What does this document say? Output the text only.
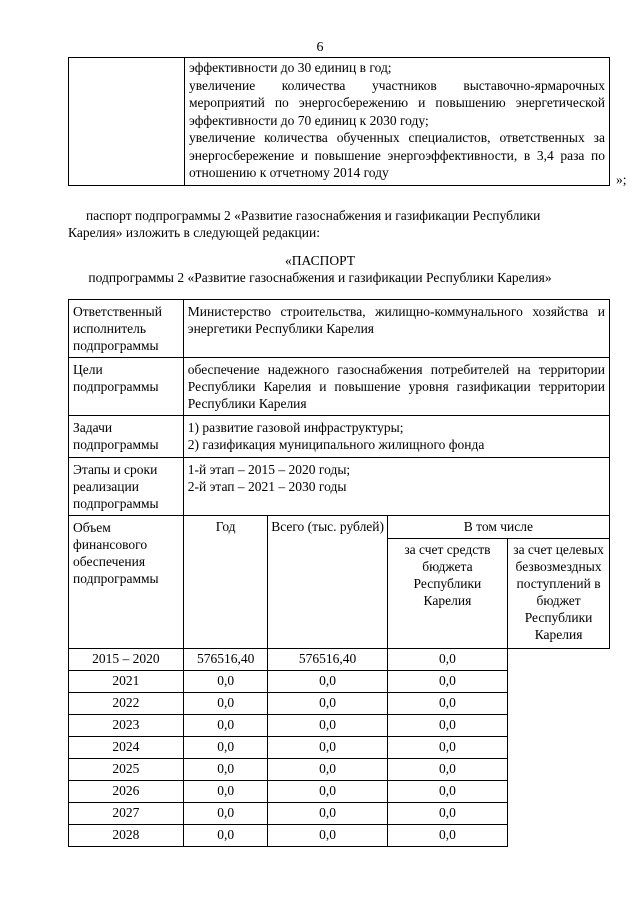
6

эффективности до 30 единиц в год;

увеличение количества участников выставочно-ярмарочных мероприятий по энергосбережению и повышению энергетической эффективности до 70 единиц к 2030 году;

увеличение количества обученных специалистов, ответственных за энергосбережение и повышение энергоэффективности, в 3,4 раза по отношению к отчетному 2014 году	»;
паспорт подпрограммы 2 «Развитие газоснабжения и газификации Республики
Карелия» изложить в следующей редакции:
«ПАСПОРТ
подпрограммы 2 «Развитие газоснабжения и газификации Республики Карелия»
Ответственный исполнитель подпрограммы	Министерство строительства, жилищно-коммунального хозяйства и энергетики Республики Карелия			
Цели подпрограммы	обеспечение надежного газоснабжения потребителей на территории Республики Карелия и повышение уровня газификации территории Республики Карелия			
Задачи подпрограммы	1) развитие газовой инфраструктуры;
2) газификация муниципального жилищного фонда			

Этапы и сроки реализации подпрограммы	1-й этап – 2015 – 2020 годы;
2-й этап – 2021 – 2030 годы			

Объем финансового обеспечения подпрограммы	Год	Всего (тыс. рублей)	В том числе	
			за счет средств бюджета Республики Карелия	за счет целевых безвозмездных поступлений в бюджет Республики Карелия
2015 – 2020	576516,40	576516,40	0,0	
2021	0,0	0,0	0,0	
2022	0,0	0,0	0,0	
2023	0,0	0,0	0,0	
2024	0,0	0,0	0,0	
2025	0,0	0,0	0,0	
2026	0,0	0,0	0,0	
2027	0,0	0,0	0,0	
2028	0,0	0,0	0,0	
